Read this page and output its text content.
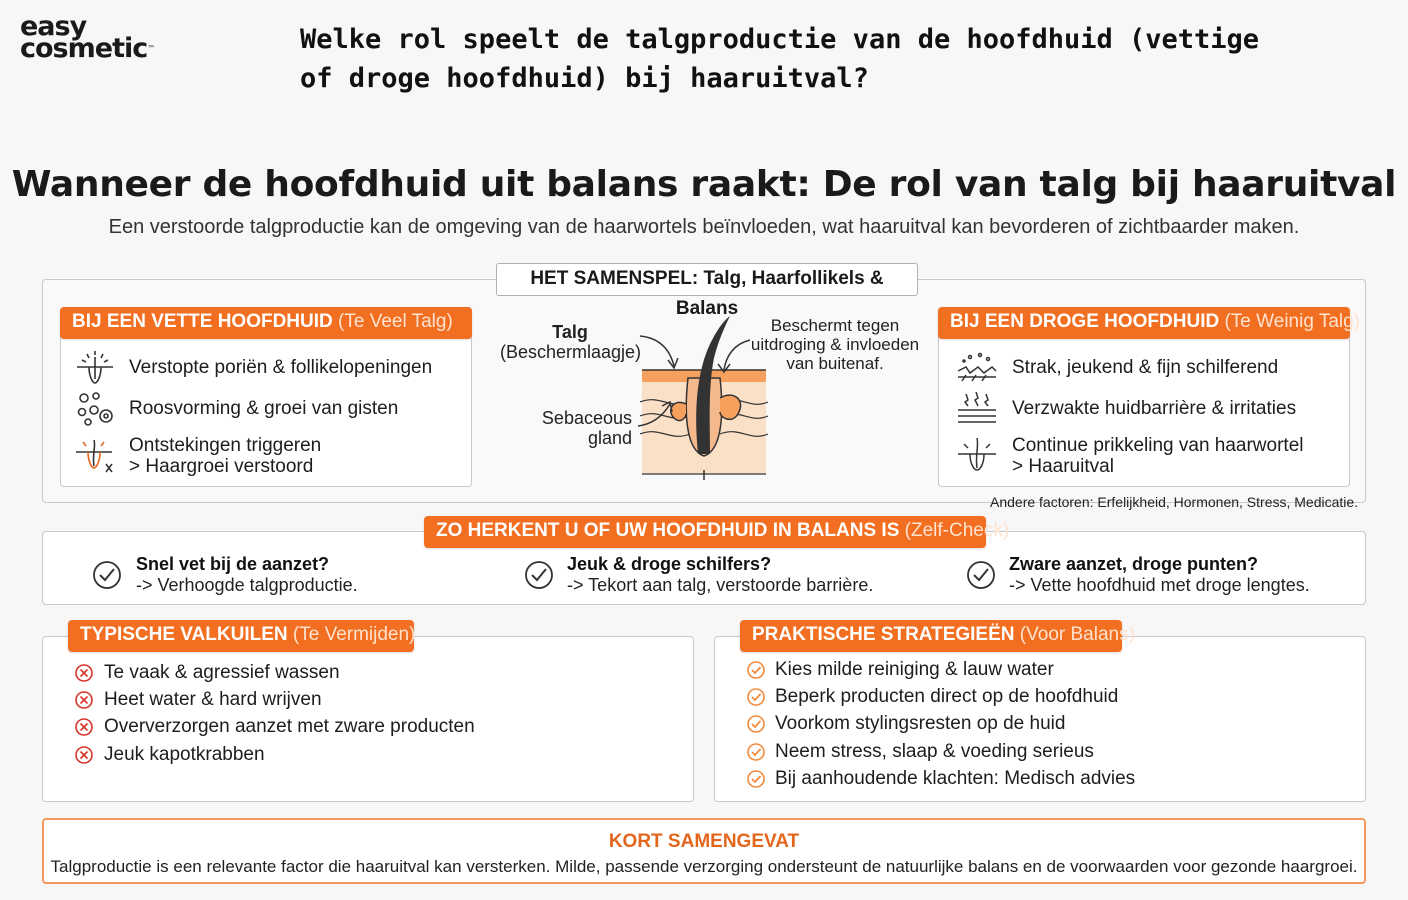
easy
cosmetic™	Welke rol speelt de talgproductie van de hoofdhuid (vettige of droge hoofdhuid) bij haaruitval?
Wanneer de hoofdhuid uit balans raakt: De rol van talg bij haaruitval
Een verstoorde talgproductie kan de omgeving van de haarwortels beïnvloeden, wat haaruitval kan bevorderen of zichtbaarder maken.
HET SAMENSPEL: Talg, Haarfollikels & Balans
BIJ EEN VETTE HOOFDHUID (Te Veel Talg)
Verstopte poriën & follikelopeningen
Roosvorming & groei van gisten
Ontstekingen triggeren
> Haargroei verstoord
Talg
(Beschermlaagje)
Beschermt tegen
uitdroging & invloeden
van buitenaf.
Sebaceous
gland
BIJ EEN DROGE HOOFDHUID (Te Weinig Talg)
Strak, jeukend & fijn schilferend
Verzwakte huidbarrière & irritaties
Continue prikkeling van haarwortel
> Haaruitval
Andere factoren: Erfelijkheid, Hormonen, Stress, Medicatie.
ZO HERKENT U OF UW HOOFDHUID IN BALANS IS (Zelf-Check)
Snel vet bij de aanzet?
-> Verhoogde talgproductie.
Jeuk & droge schilfers?
-> Tekort aan talg, verstoorde barrière.
Zware aanzet, droge punten?
-> Vette hoofdhuid met droge lengtes.
TYPISCHE VALKUILEN (Te Vermijden)
Te vaak & agressief wassen
Heet water & hard wrijven
Oververzorgen aanzet met zware producten
Jeuk kapotkrabben
PRAKTISCHE STRATEGIEËN (Voor Balans)
Kies milde reiniging & lauw water
Beperk producten direct op de hoofdhuid
Voorkom stylingsresten op de huid
Neem stress, slaap & voeding serieus
Bij aanhoudende klachten: Medisch advies
KORT SAMENGEVAT
Talgproductie is een relevante factor die haaruitval kan versterken. Milde, passende verzorging ondersteunt de natuurlijke balans en de voorwaarden voor gezonde haargroei.
